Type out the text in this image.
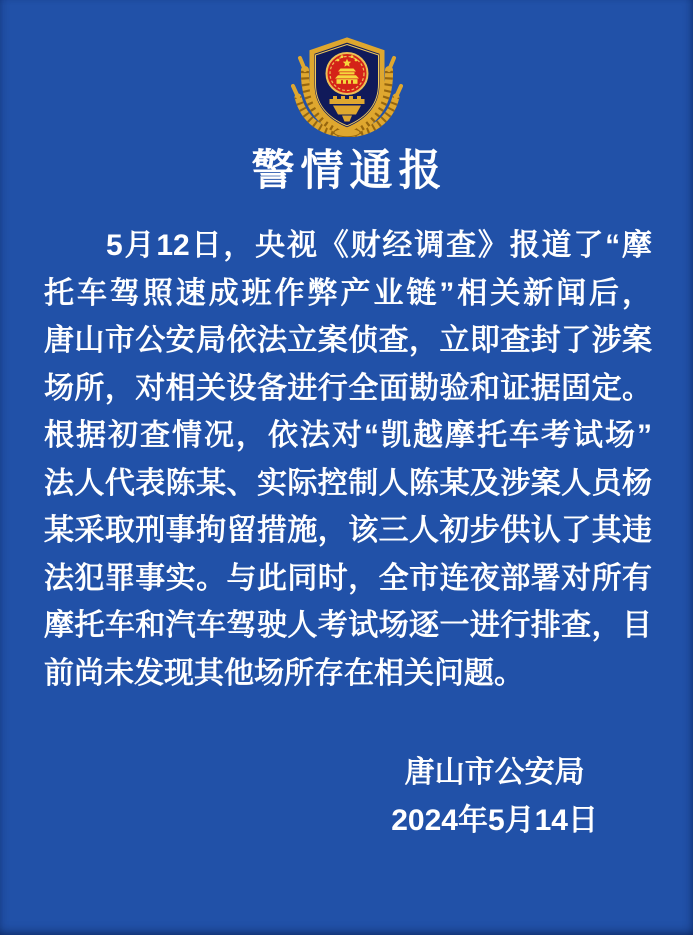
警情通报
5月12日，央视《财经调查》报道了“摩
托车驾照速成班作弊产业链”相关新闻后，
唐山市公安局依法立案侦查，立即查封了涉案
场所，对相关设备进行全面勘验和证据固定。
根据初查情况，依法对“凯越摩托车考试场”
法人代表陈某、实际控制人陈某及涉案人员杨
某采取刑事拘留措施，该三人初步供认了其违
法犯罪事实。与此同时，全市连夜部署对所有
摩托车和汽车驾驶人考试场逐一进行排查，目
前尚未发现其他场所存在相关问题。
唐山市公安局
2024年5月14日
